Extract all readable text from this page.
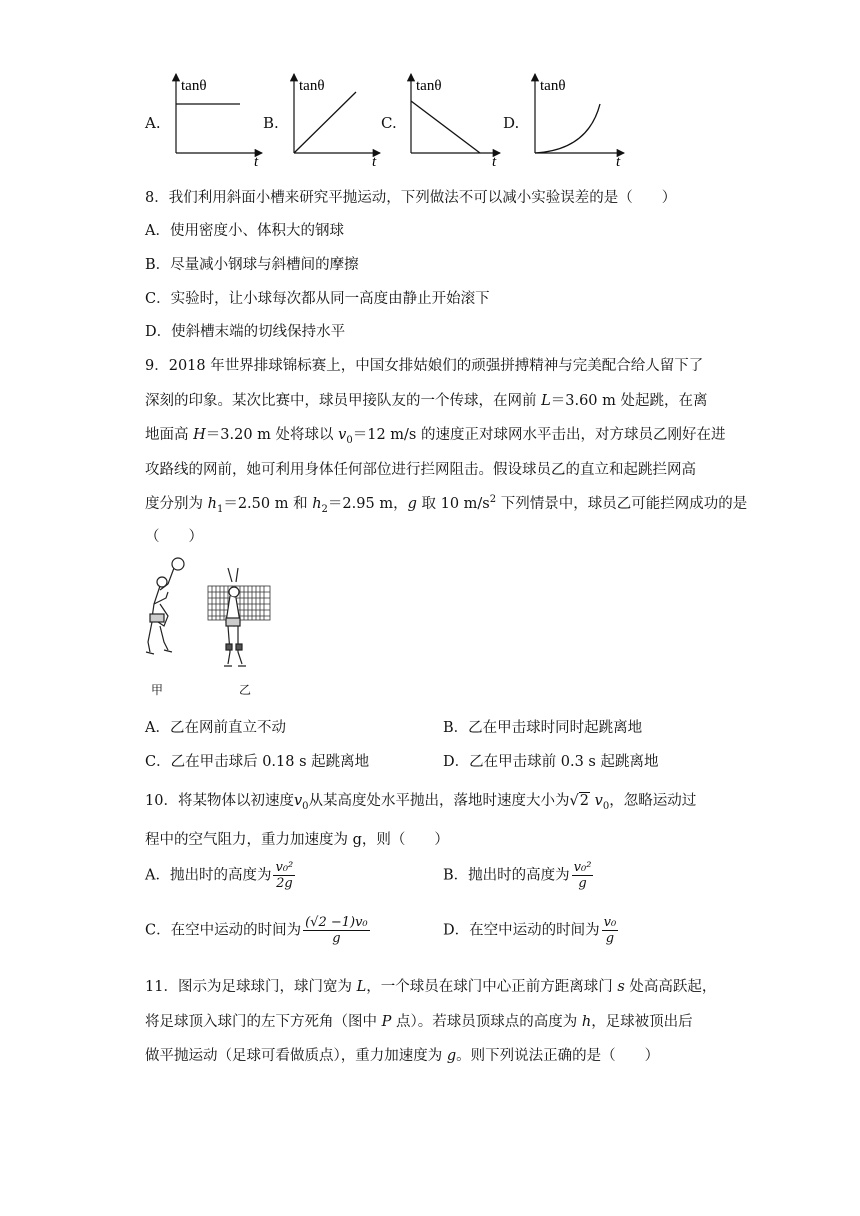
A.	B.	C.	D.
tanθ
t
tanθ
t
tanθ
t
tanθ
t
8．我们利用斜面小槽来研究平抛运动，下列做法不可以减小实验误差的是（　　）
A．使用密度小、体积大的钢球
B．尽量减小钢球与斜槽间的摩擦
C．实验时，让小球每次都从同一高度由静止开始滚下
D．使斜槽末端的切线保持水平
9．2018 年世界排球锦标赛上，中国女排姑娘们的顽强拼搏精神与完美配合给人留下了
深刻的印象。某次比赛中，球员甲接队友的一个传球，在网前 L＝3.60 m 处起跳，在离
地面高 H＝3.20 m 处将球以 $v_0=12$ m/s 的速度正对球网水平击出，对方球员乙刚好在进
攻路线的网前，她可利用身体任何部位进行拦网阻击。假设球员乙的直立和起跳拦网高
度分别为 $h_1=2.50$ m 和 $h_2=2.95$ m，g 取 10 $m/s^2$ 下列情景中，球员乙可能拦网成功的是
（　　）
甲	乙
A．乙在网前直立不动	B．乙在甲击球时同时起跳离地
C．乙在甲击球后 0.18 s 起跳离地	D．乙在甲击球前 0.3 s 起跳离地
10．将某物体以初速度$v_0$从某高度处水平抛出，落地时速度大小为√2 $v_0$，忽略运动过
程中的空气阻力，重力加速度为 g，则（　　）
A．抛出时的高度为 $\frac{\text{v₀²}}{2g}$	B．抛出时的高度为 $\frac{\text{v₀²}}{g}$
C．在空中运动的时间为 $\frac{\text{(√2 −1)v₀}}{g}$	D．在空中运动的时间为 $\frac{\text{v₀}}{g}$
11．图示为足球球门，球门宽为 L，一个球员在球门中心正前方距离球门 s 处高高跃起，
将足球顶入球门的左下方死角（图中 P 点）。若球员顶球点的高度为 h，足球被顶出后
做平抛运动（足球可看做质点），重力加速度为 g。则下列说法正确的是（　　）
